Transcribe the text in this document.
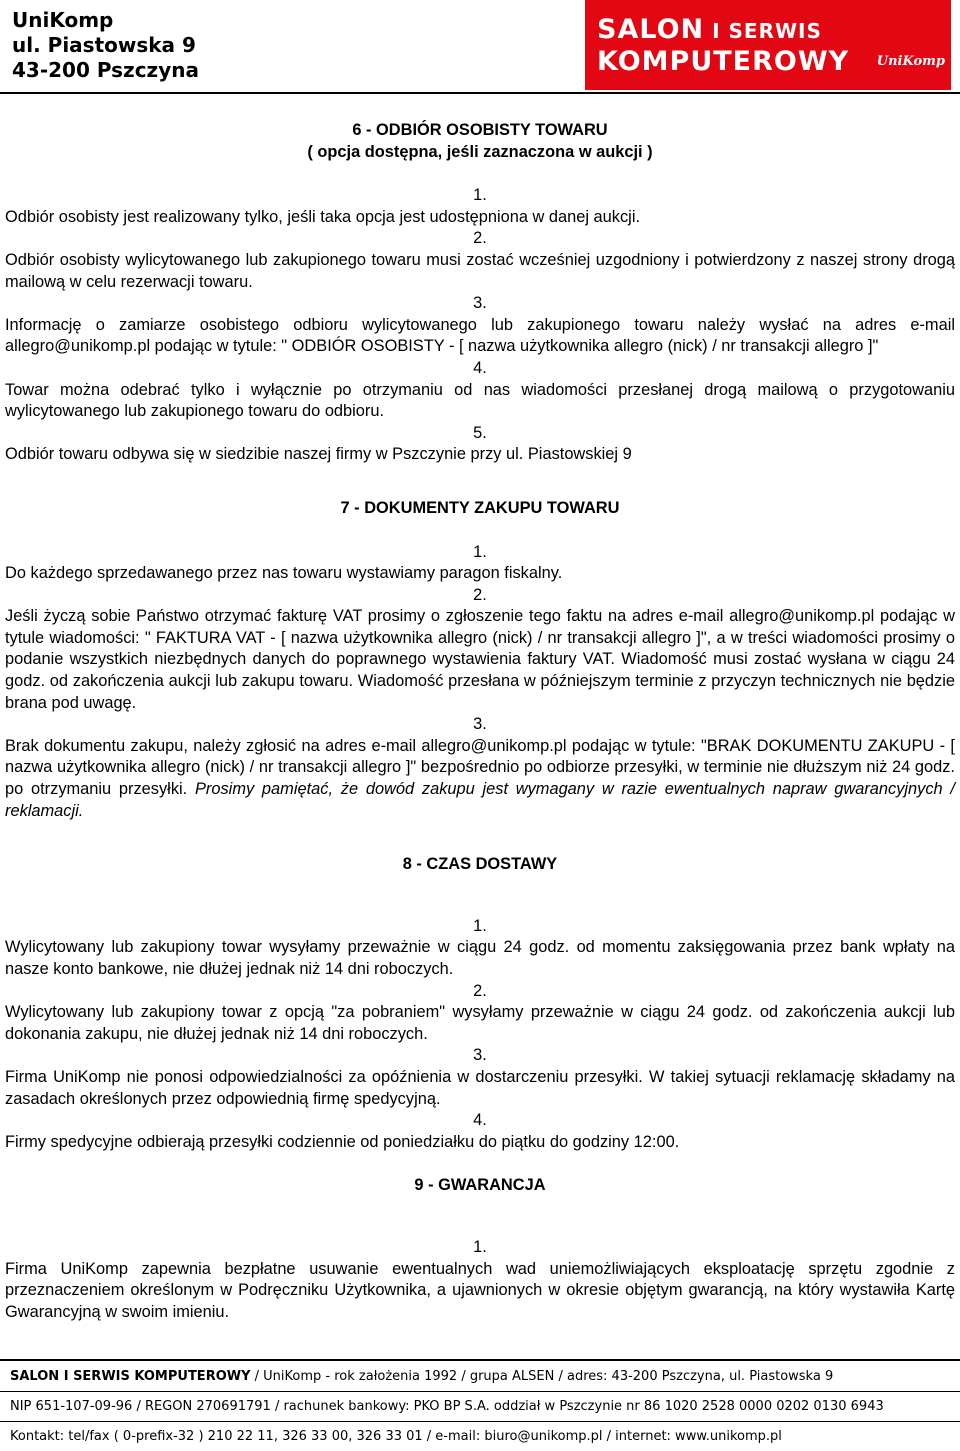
UniKomp
ul. Piastowska 9
43-200 Pszczyna
SALON I SERWIS
KOMPUTEROWY UniKomp

6 - ODBIÓR OSOBISTY TOWARU

( opcja dostępna, jeśli zaznaczona w aukcji )

1.

Odbiór osobisty jest realizowany tylko, jeśli taka opcja jest udostępniona w danej aukcji.

2.

Odbiór osobisty wylicytowanego lub zakupionego towaru musi zostać wcześniej uzgodniony i potwierdzony z naszej strony drogą mailową w celu rezerwacji towaru.

3.

Informację o zamiarze osobistego odbioru wylicytowanego lub zakupionego towaru należy wysłać na adres e-mail allegro@unikomp.pl podając w tytule: " ODBIÓR OSOBISTY - [ nazwa użytkownika allegro (nick) / nr transakcji allegro ]"

4.

Towar można odebrać tylko i wyłącznie po otrzymaniu od nas wiadomości przesłanej drogą mailową o przygotowaniu wylicytowanego lub zakupionego towaru do odbioru.

5.

Odbiór towaru odbywa się w siedzibie naszej firmy w Pszczynie przy ul. Piastowskiej 9

7 - DOKUMENTY ZAKUPU TOWARU

1.

Do każdego sprzedawanego przez nas towaru wystawiamy paragon fiskalny.

2.

Jeśli życzą sobie Państwo otrzymać fakturę VAT prosimy o zgłoszenie tego faktu na adres e-mail allegro@unikomp.pl podając w tytule wiadomości: " FAKTURA VAT - [ nazwa użytkownika allegro (nick) / nr transakcji allegro ]", a w treści wiadomości prosimy o podanie wszystkich niezbędnych danych do poprawnego wystawienia faktury VAT. Wiadomość musi zostać wysłana w ciągu 24 godz. od zakończenia aukcji lub zakupu towaru. Wiadomość przesłana w późniejszym terminie z przyczyn technicznych nie będzie brana pod uwagę.

3.

Brak dokumentu zakupu, należy zgłosić na adres e-mail allegro@unikomp.pl podając w tytule: "BRAK DOKUMENTU ZAKUPU - [ nazwa użytkownika allegro (nick) / nr transakcji allegro ]" bezpośrednio po odbiorze przesyłki, w terminie nie dłuższym niż 24 godz. po otrzymaniu przesyłki. Prosimy pamiętać, że dowód zakupu jest wymagany w razie ewentualnych napraw gwarancyjnych / reklamacji.

8 - CZAS DOSTAWY

1.

Wylicytowany lub zakupiony towar wysyłamy przeważnie w ciągu 24 godz. od momentu zaksięgowania przez bank wpłaty na nasze konto bankowe, nie dłużej jednak niż 14 dni roboczych.

2.

Wylicytowany lub zakupiony towar z opcją "za pobraniem" wysyłamy przeważnie w ciągu 24 godz. od zakończenia aukcji lub dokonania zakupu, nie dłużej jednak niż 14 dni roboczych.

3.

Firma UniKomp nie ponosi odpowiedzialności za opóźnienia w dostarczeniu przesyłki. W takiej sytuacji reklamację składamy na zasadach określonych przez odpowiednią firmę spedycyjną.

4.

Firmy spedycyjne odbierają przesyłki codziennie od poniedziałku do piątku do godziny 12:00.

9 - GWARANCJA

1.

Firma UniKomp zapewnia bezpłatne usuwanie ewentualnych wad uniemożliwiających eksploatację sprzętu zgodnie z przeznaczeniem określonym w Podręczniku Użytkownika, a ujawnionych w okresie objętym gwarancją, na który wystawiła Kartę Gwarancyjną w swoim imieniu.

SALON I SERWIS KOMPUTEROWY / UniKomp - rok założenia 1992 / grupa ALSEN / adres: 43-200 Pszczyna, ul. Piastowska 9
NIP 651-107-09-96 / REGON 270691791 / rachunek bankowy: PKO BP S.A. oddział w Pszczynie nr 86 1020 2528 0000 0202 0130 6943
Kontakt: tel/fax ( 0-prefix-32 ) 210 22 11, 326 33 00, 326 33 01 / e-mail: biuro@unikomp.pl / internet: www.unikomp.pl
